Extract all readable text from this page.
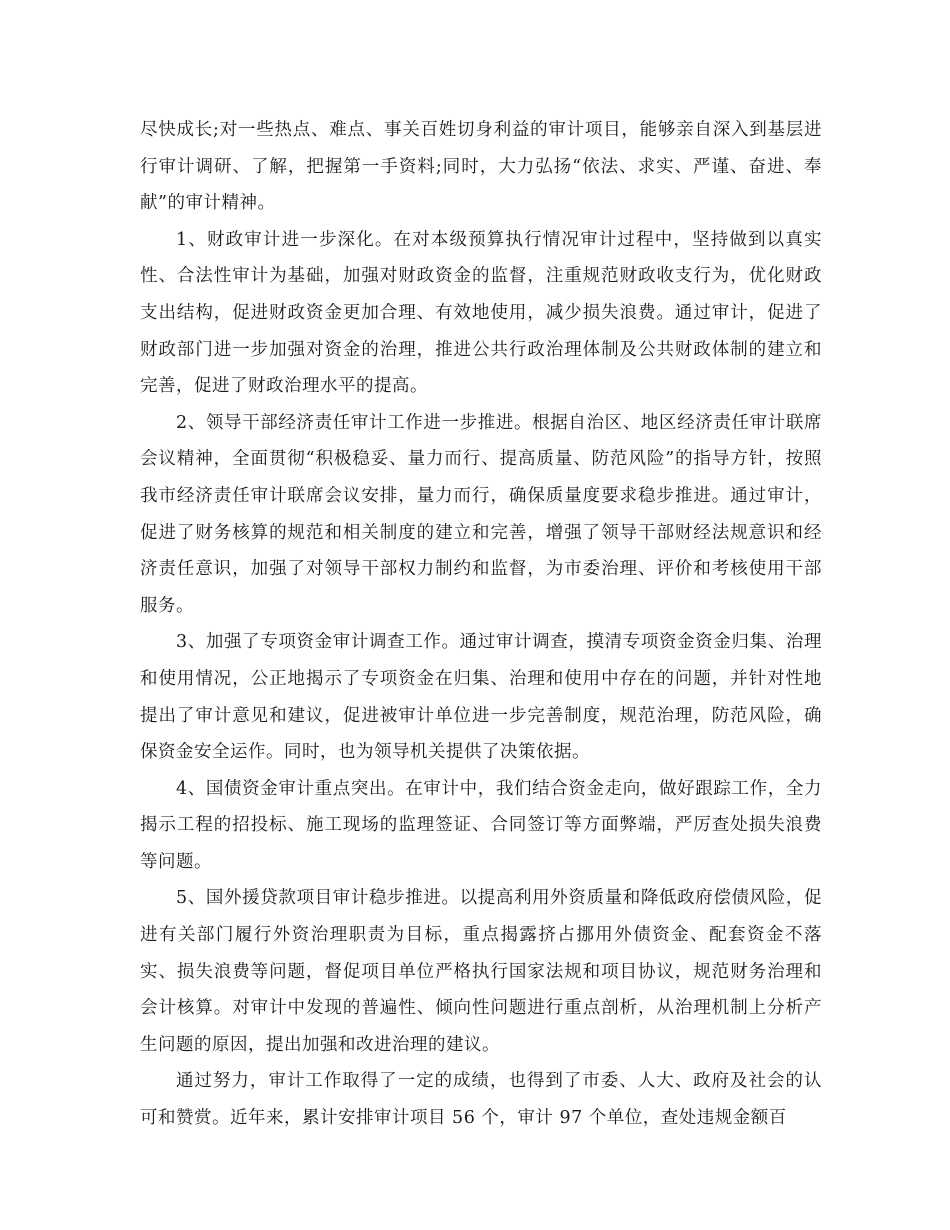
尽快成长;对一些热点、难点、事关百姓切身利益的审计项目，能够亲自深入到基层进行审计调研、了解，把握第一手资料;同时，大力弘扬“依法、求实、严谨、奋进、奉献”的审计精神。

1、财政审计进一步深化。在对本级预算执行情况审计过程中，坚持做到以真实性、合法性审计为基础，加强对财政资金的监督，注重规范财政收支行为，优化财政支出结构，促进财政资金更加合理、有效地使用，减少损失浪费。通过审计，促进了财政部门进一步加强对资金的治理，推进公共行政治理体制及公共财政体制的建立和完善，促进了财政治理水平的提高。

2、领导干部经济责任审计工作进一步推进。根据自治区、地区经济责任审计联席会议精神，全面贯彻“积极稳妥、量力而行、提高质量、防范风险”的指导方针，按照我市经济责任审计联席会议安排，量力而行，确保质量度要求稳步推进。通过审计，促进了财务核算的规范和相关制度的建立和完善，增强了领导干部财经法规意识和经济责任意识，加强了对领导干部权力制约和监督，为市委治理、评价和考核使用干部服务。

3、加强了专项资金审计调查工作。通过审计调查，摸清专项资金资金归集、治理和使用情况，公正地揭示了专项资金在归集、治理和使用中存在的问题，并针对性地提出了审计意见和建议，促进被审计单位进一步完善制度，规范治理，防范风险，确保资金安全运作。同时，也为领导机关提供了决策依据。

4、国债资金审计重点突出。在审计中，我们结合资金走向，做好跟踪工作，全力揭示工程的招投标、施工现场的监理签证、合同签订等方面弊端，严厉查处损失浪费等问题。

5、国外援贷款项目审计稳步推进。以提高利用外资质量和降低政府偿债风险，促进有关部门履行外资治理职责为目标，重点揭露挤占挪用外债资金、配套资金不落实、损失浪费等问题，督促项目单位严格执行国家法规和项目协议，规范财务治理和会计核算。对审计中发现的普遍性、倾向性问题进行重点剖析，从治理机制上分析产生问题的原因，提出加强和改进治理的建议。

通过努力，审计工作取得了一定的成绩，也得到了市委、人大、政府及社会的认可和赞赏。近年来，累计安排审计项目 56 个，审计 97 个单位，查处违规金额百
